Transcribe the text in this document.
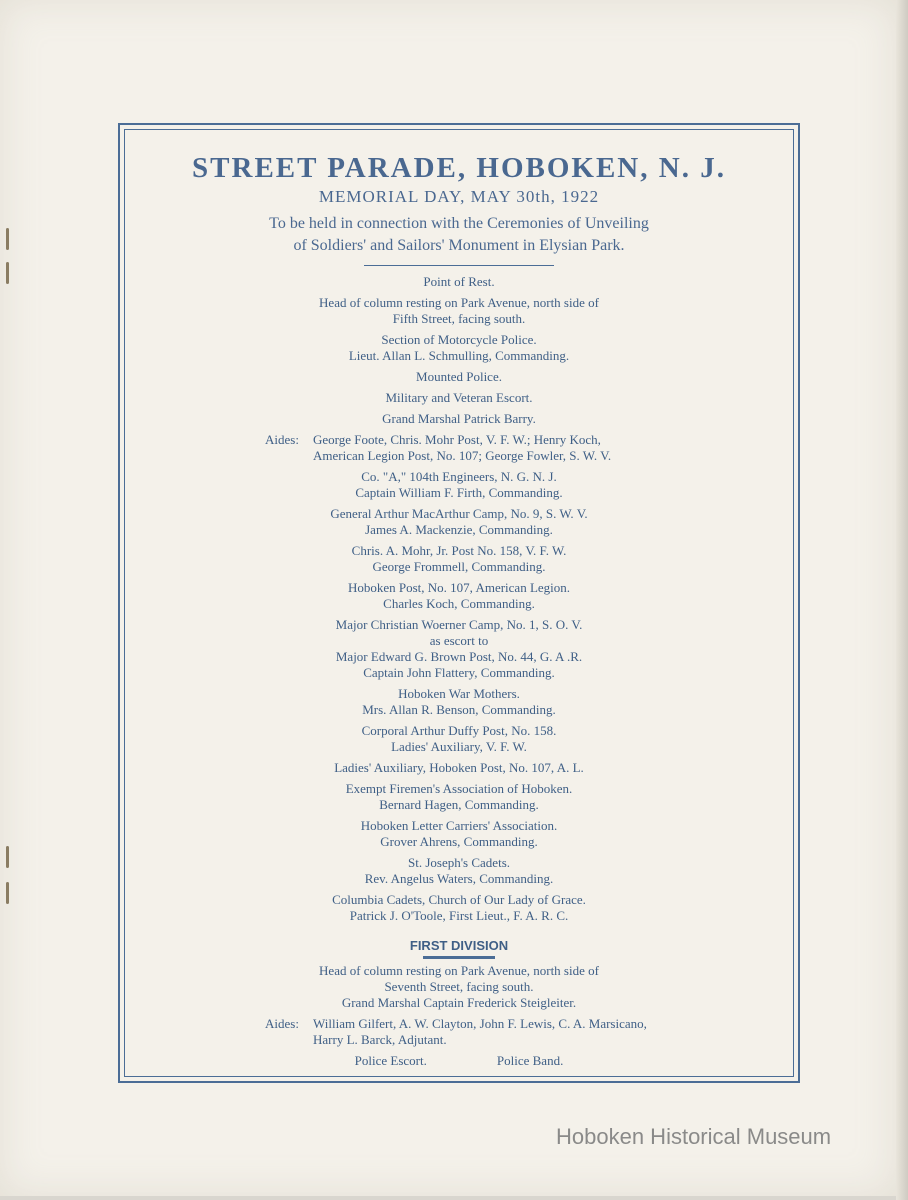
STREET PARADE, HOBOKEN, N. J.
MEMORIAL DAY, MAY 30th, 1922
To be held in connection with the Ceremonies of Unveiling
of Soldiers' and Sailors' Monument in Elysian Park.
Point of Rest.
Head of column resting on Park Avenue, north side of
Fifth Street, facing south.
Section of Motorcycle Police.
Lieut. Allan L. Schmulling, Commanding.
Mounted Police.
Military and Veteran Escort.
Grand Marshal Patrick Barry.
Aides:	George Foote, Chris. Mohr Post, V. F. W.; Henry Koch, American Legion Post, No. 107; George Fowler, S. W. V.
Co. "A," 104th Engineers, N. G. N. J.
Captain William F. Firth, Commanding.
General Arthur MacArthur Camp, No. 9, S. W. V.
James A. Mackenzie, Commanding.
Chris. A. Mohr, Jr. Post No. 158, V. F. W.
George Frommell, Commanding.
Hoboken Post, No. 107, American Legion.
Charles Koch, Commanding.
Major Christian Woerner Camp, No. 1, S. O. V.
as escort to
Major Edward G. Brown Post, No. 44, G. A .R.
Captain John Flattery, Commanding.
Hoboken War Mothers.
Mrs. Allan R. Benson, Commanding.
Corporal Arthur Duffy Post, No. 158.
Ladies' Auxiliary, V. F. W.
Ladies' Auxiliary, Hoboken Post, No. 107, A. L.
Exempt Firemen's Association of Hoboken.
Bernard Hagen, Commanding.
Hoboken Letter Carriers' Association.
Grover Ahrens, Commanding.
St. Joseph's Cadets.
Rev. Angelus Waters, Commanding.
Columbia Cadets, Church of Our Lady of Grace.
Patrick J. O'Toole, First Lieut., F. A. R. C.
FIRST DIVISION
Head of column resting on Park Avenue, north side of
Seventh Street, facing south.
Grand Marshal Captain Frederick Steigleiter.
Aides:	William Gilfert, A. W. Clayton, John F. Lewis, C. A. Marsicano, Harry L. Barck, Adjutant.
Police Escort.	Police Band.
Hoboken Historical Museum
